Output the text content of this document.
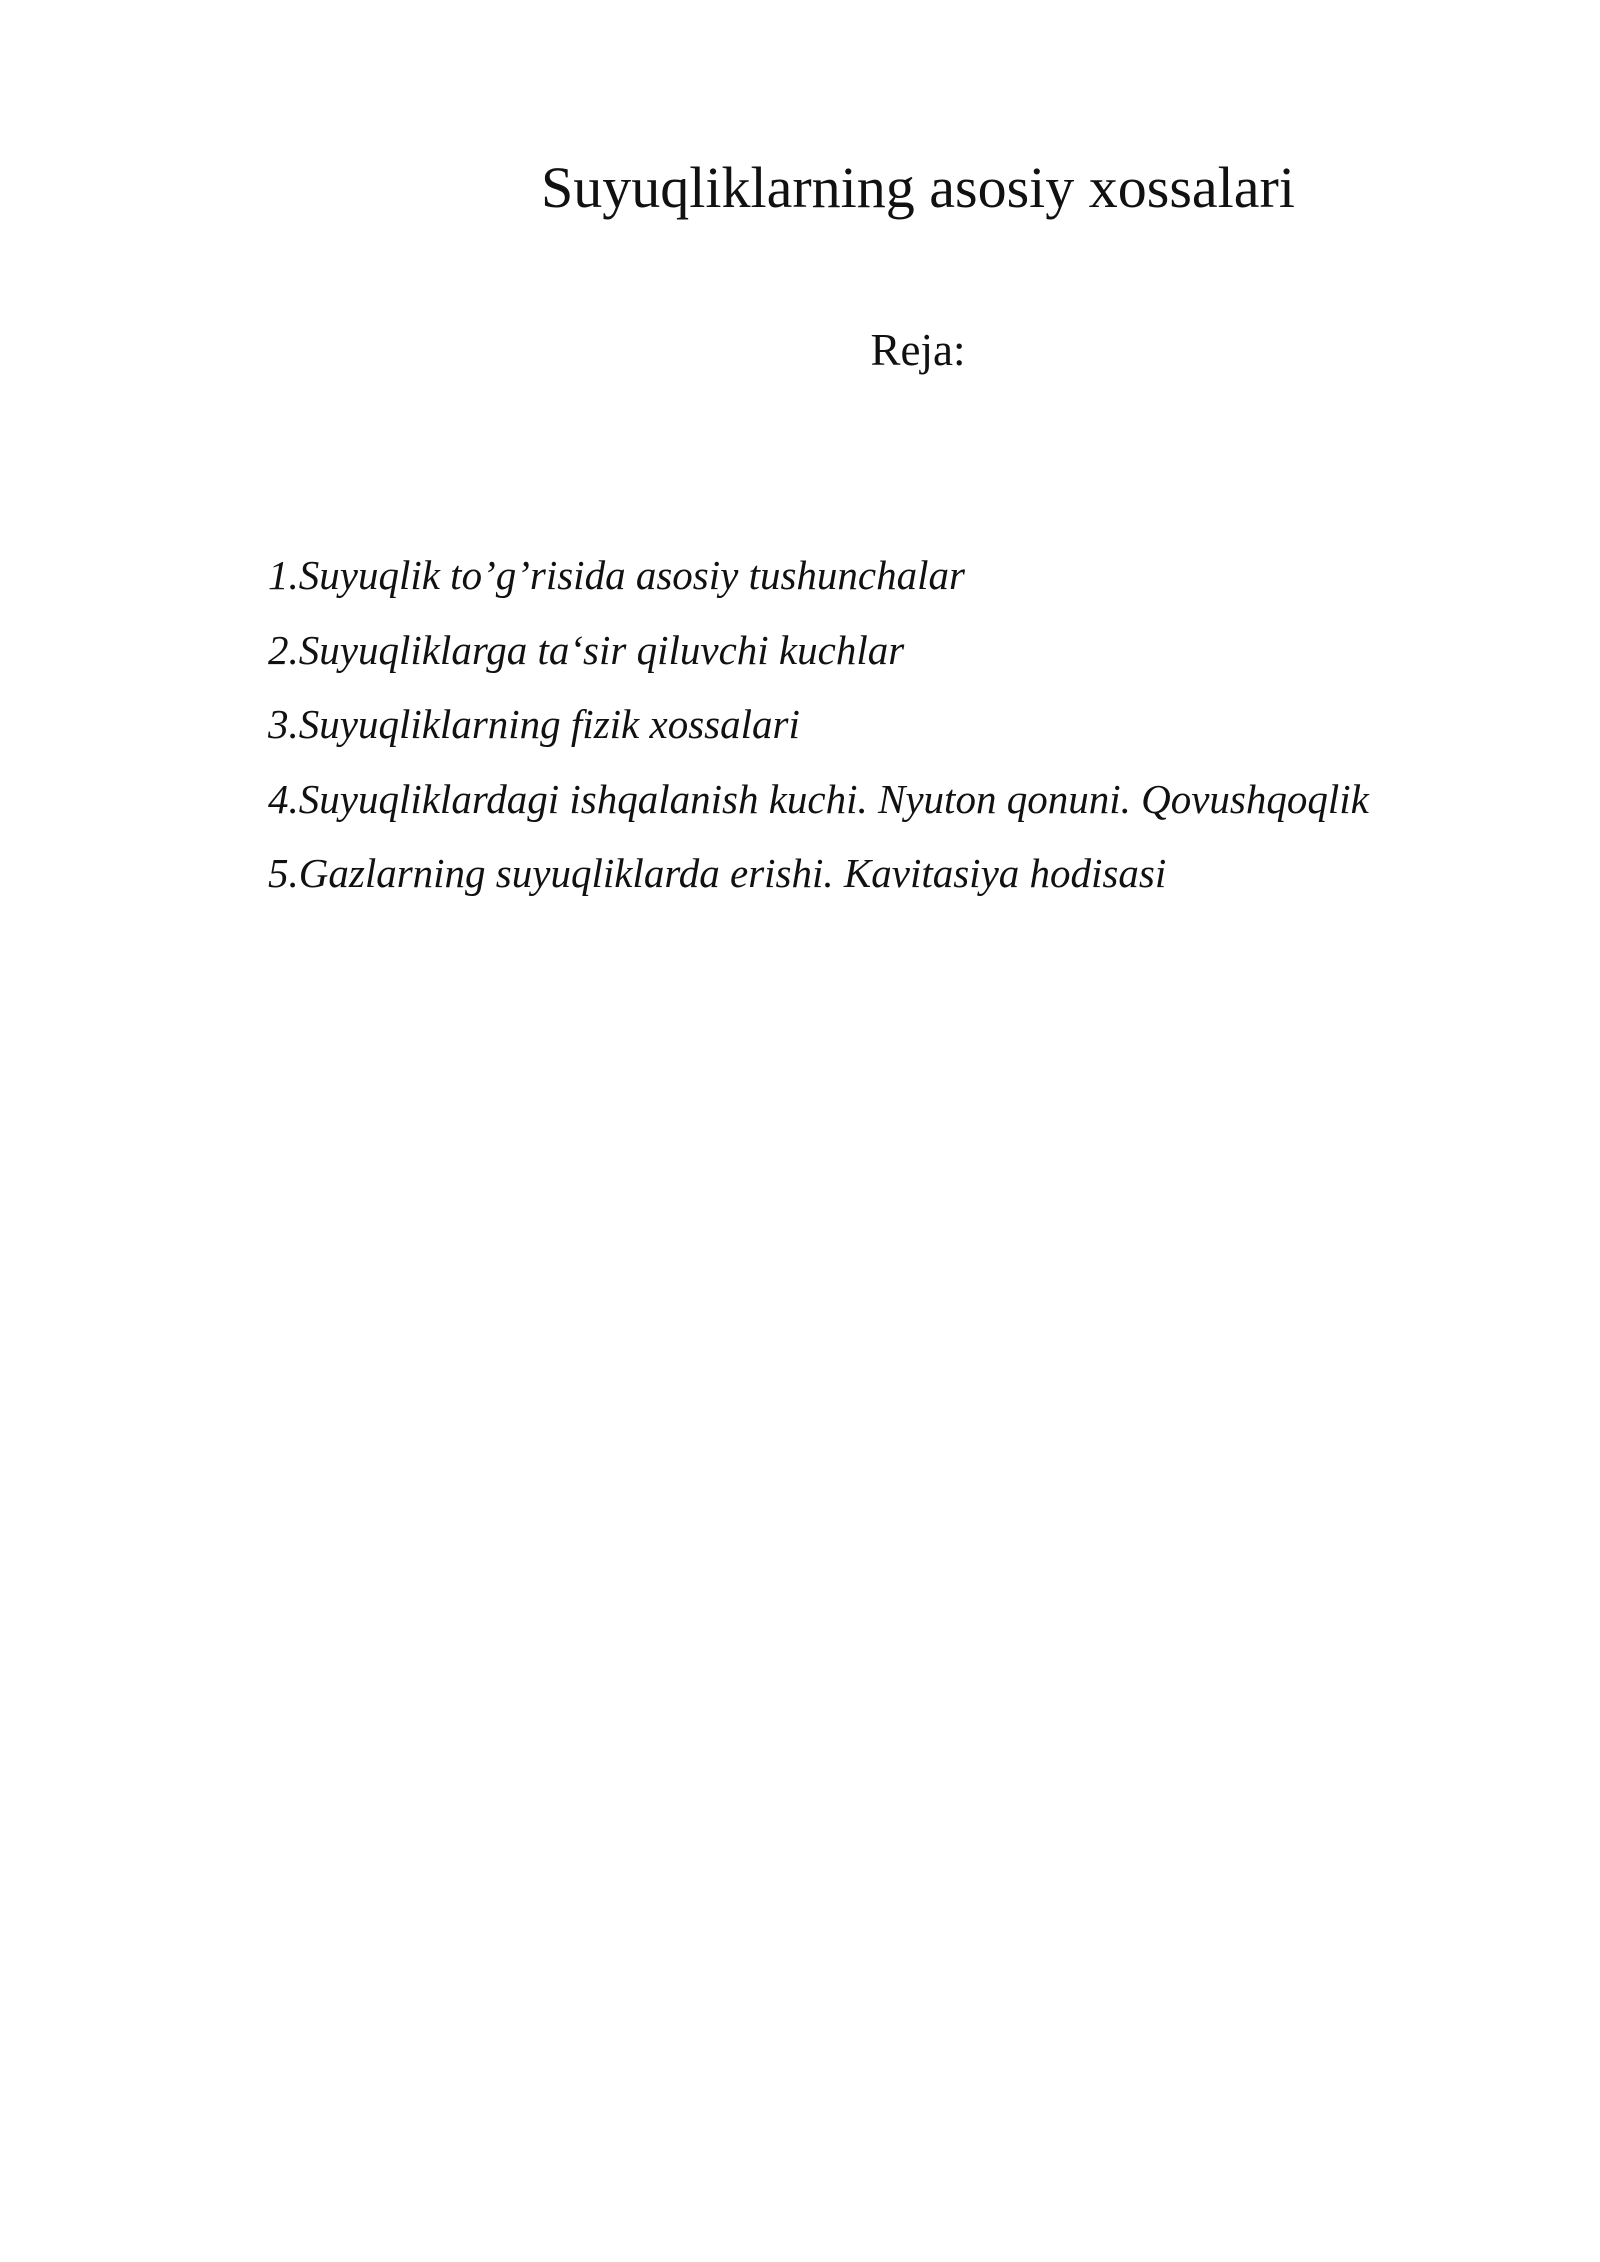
Suyuqliklarning asosiy xossalari
Reja:
1.Suyuqlik to’g’risida asosiy tushunchalar
2.Suyuqliklarga ta‘sir qiluvchi kuchlar
3.Suyuqliklarning fizik xossalari
4.Suyuqliklardagi ishqalanish kuchi. Nyuton qonuni. Qovushqoqlik
5.Gazlarning suyuqliklarda erishi. Kavitasiya hodisasi
